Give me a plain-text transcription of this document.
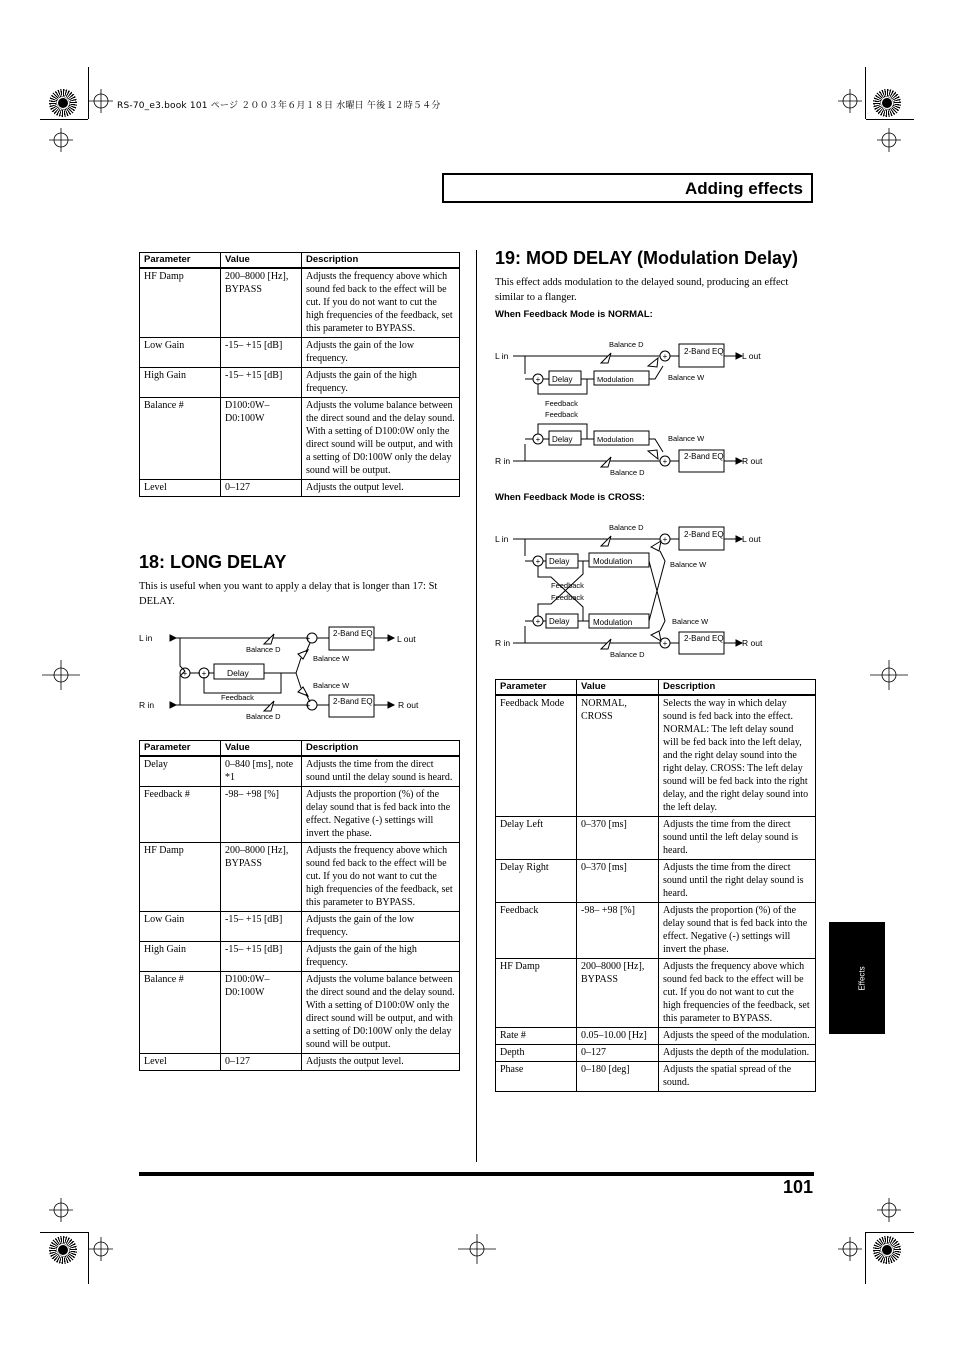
RS-70_e3.book 101 ページ ２００３年６月１８日 水曜日 午後１２時５４分
Adding effects
Parameter	Value	Description
HF Damp	200–8000 [Hz], BYPASS	Adjusts the frequency above which sound fed back to the effect will be cut. If you do not want to cut the high frequencies of the feedback, set this parameter to BYPASS.
Low Gain	-15– +15 [dB]	Adjusts the gain of the low frequency.
High Gain	-15– +15 [dB]	Adjusts the gain of the high frequency.
Balance #	D100:0W– D0:100W	Adjusts the volume balance between the direct sound and the delay sound. With a setting of D100:0W only the direct sound will be output, and with a setting of D0:100W only the delay sound will be output.
Level	0–127	Adjusts the output level.
18: LONG DELAY

This is useful when you want to apply a delay that is longer than 17: St DELAY.

+
+
+ +
L in
R in
L out
R out
2-Band EQ
2-Band EQ
Delay
Feedback
Balance D
Balance D
Balance W
Balance W
Parameter	Value	Description
Delay	0–840 [ms], note *1	Adjusts the time from the direct sound until the delay sound is heard.
Feedback #	-98– +98 [%]	Adjusts the proportion (%) of the delay sound that is fed back into the effect. Negative (-) settings will invert the phase.
HF Damp	200–8000 [Hz], BYPASS	Adjusts the frequency above which sound fed back to the effect will be cut. If you do not want to cut the high frequencies of the feedback, set this parameter to BYPASS.
Low Gain	-15– +15 [dB]	Adjusts the gain of the low frequency.
High Gain	-15– +15 [dB]	Adjusts the gain of the high frequency.
Balance #	D100:0W– D0:100W	Adjusts the volume balance between the direct sound and the delay sound. With a setting of D100:0W only the direct sound will be output, and with a setting of D0:100W only the delay sound will be output.
Level	0–127	Adjusts the output level.
19: MOD DELAY (Modulation Delay)

This effect adds modulation to the delayed sound, producing an effect similar to a flanger.

When Feedback Mode is NORMAL:
+
+
+
+
L in
R in
L out
R out
2-Band EQ
2-Band EQ
Delay
Delay
Modulation
Modulation
Feedback
Feedback
Balance D
Balance D
Balance W
Balance W
When Feedback Mode is CROSS:
+
+
+
+
L in
R in
L out
R out
2-Band EQ
2-Band EQ
Delay
Delay
Modulation
Modulation
Feedback
Feedback
Balance D
Balance D
Balance W
Balance W
Parameter	Value	Description
Feedback Mode	NORMAL, CROSS	Selects the way in which delay sound is fed back into the effect. NORMAL: The left delay sound will be fed back into the left delay, and the right delay sound into the right delay. CROSS: The left delay sound will be fed back into the right delay, and the right delay sound into the left delay.
Delay Left	0–370 [ms]	Adjusts the time from the direct sound until the left delay sound is heard.
Delay Right	0–370 [ms]	Adjusts the time from the direct sound until the right delay sound is heard.
Feedback	-98– +98 [%]	Adjusts the proportion (%) of the delay sound that is fed back into the effect. Negative (-) settings will invert the phase.
HF Damp	200–8000 [Hz], BYPASS	Adjusts the frequency above which sound fed back to the effect will be cut. If you do not want to cut the high frequencies of the feedback, set this parameter to BYPASS.
Rate #	0.05–10.00 [Hz]	Adjusts the speed of the modulation.
Depth	0–127	Adjusts the depth of the modulation.
Phase	0–180 [deg]	Adjusts the spatial spread of the sound.
Effects
101
